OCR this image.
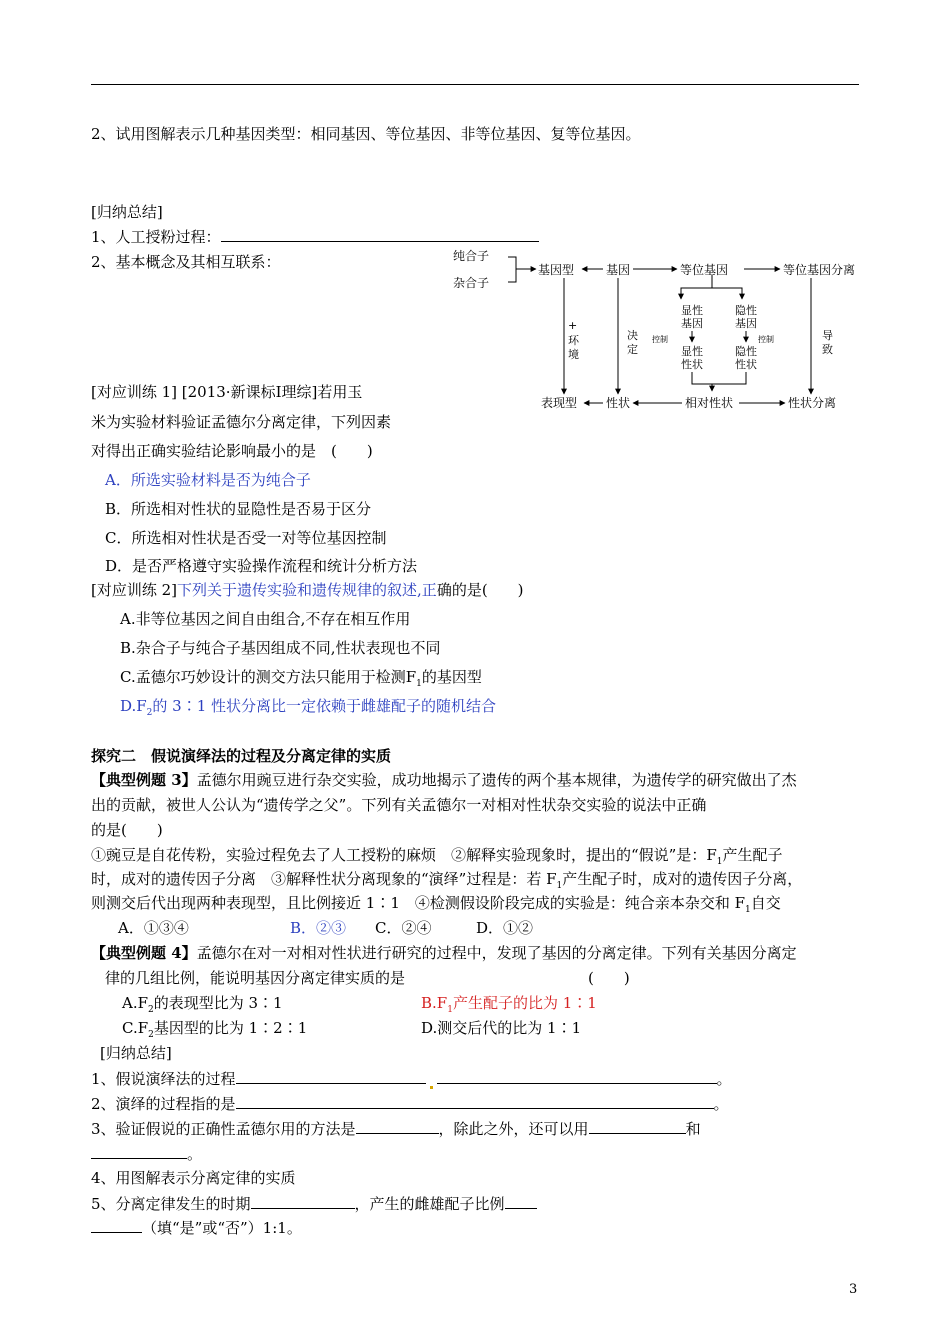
2、试用图解表示几种基因类型：相同基因、等位基因、非等位基因、复等位基因。
[归纳总结]
1、人工授粉过程：
2、基本概念及其相互联系：	纯合子
杂合子
基因型	基因	等位基因	等位基因分离
表现型 性状	相对性状	性状分离
显性
基因
隐性
基因
显性
性状
隐性
性状
+
环
境
决
定
导
致
控制	控制
[对应训练 1] [2013·新课标Ⅰ理综]若用玉
米为实验材料验证孟德尔分离定律，下列因素
对得出正确实验结论影响最小的是　(　　)
A．所选实验材料是否为纯合子
B．所选相对性状的显隐性是否易于区分
C．所选相对性状是否受一对等位基因控制
D．是否严格遵守实验操作流程和统计分析方法
[对应训练 2]下列关于遗传实验和遗传规律的叙述,正确的是(　　)
A.非等位基因之间自由组合,不存在相互作用
B.杂合子与纯合子基因组成不同,性状表现也不同
C.孟德尔巧妙设计的测交方法只能用于检测$F_1$的基因型
$D.F_2$的 3∶1 性状分离比一定依赖于雌雄配子的随机结合
探究二　假说演绎法的过程及分离定律的实质
【典型例题 3】孟德尔用豌豆进行杂交实验，成功地揭示了遗传的两个基本规律，为遗传学的研究做出了杰
出的贡献，被世人公认为“遗传学之父”。下列有关孟德尔一对相对性状杂交实验的说法中正确
的是(　　)
①豌豆是自花传粉，实验过程免去了人工授粉的麻烦　②解释实验现象时，提出的“假说”是：$F_1$产生配子
时，成对的遗传因子分离　③解释性状分离现象的“演绎”过程是：若 $F_1$产生配子时，成对的遗传因子分离，
则测交后代出现两种表现型，且比例接近 1∶1　④检测假设阶段完成的实验是：纯合亲本杂交和 $F_1$自交
A．①③④	B．②③ C．②④	D．①②
【典型例题 4】孟德尔在对一对相对性状进行研究的过程中，发现了基因的分离定律。下列有关基因分离定
律的几组比例，能说明基因分离定律实质的是	(　　)
$A.F_2$的表现型比为 3∶1	$B.F_1$产生配子的比为 1∶1
$C.F_2$基因型的比为 1∶2∶1	D.测交后代的比为 1∶1
[归纳总结]
1、假说演绎法的过程	。
2、演绎的过程指的是	。
3、验证假说的正确性孟德尔用的方法是	，除此之外，还可以用	和
。
4、用图解表示分离定律的实质
5、分离定律发生的时期	，产生的雌雄配子比例
（填“是”或“否”）1:1。
3
